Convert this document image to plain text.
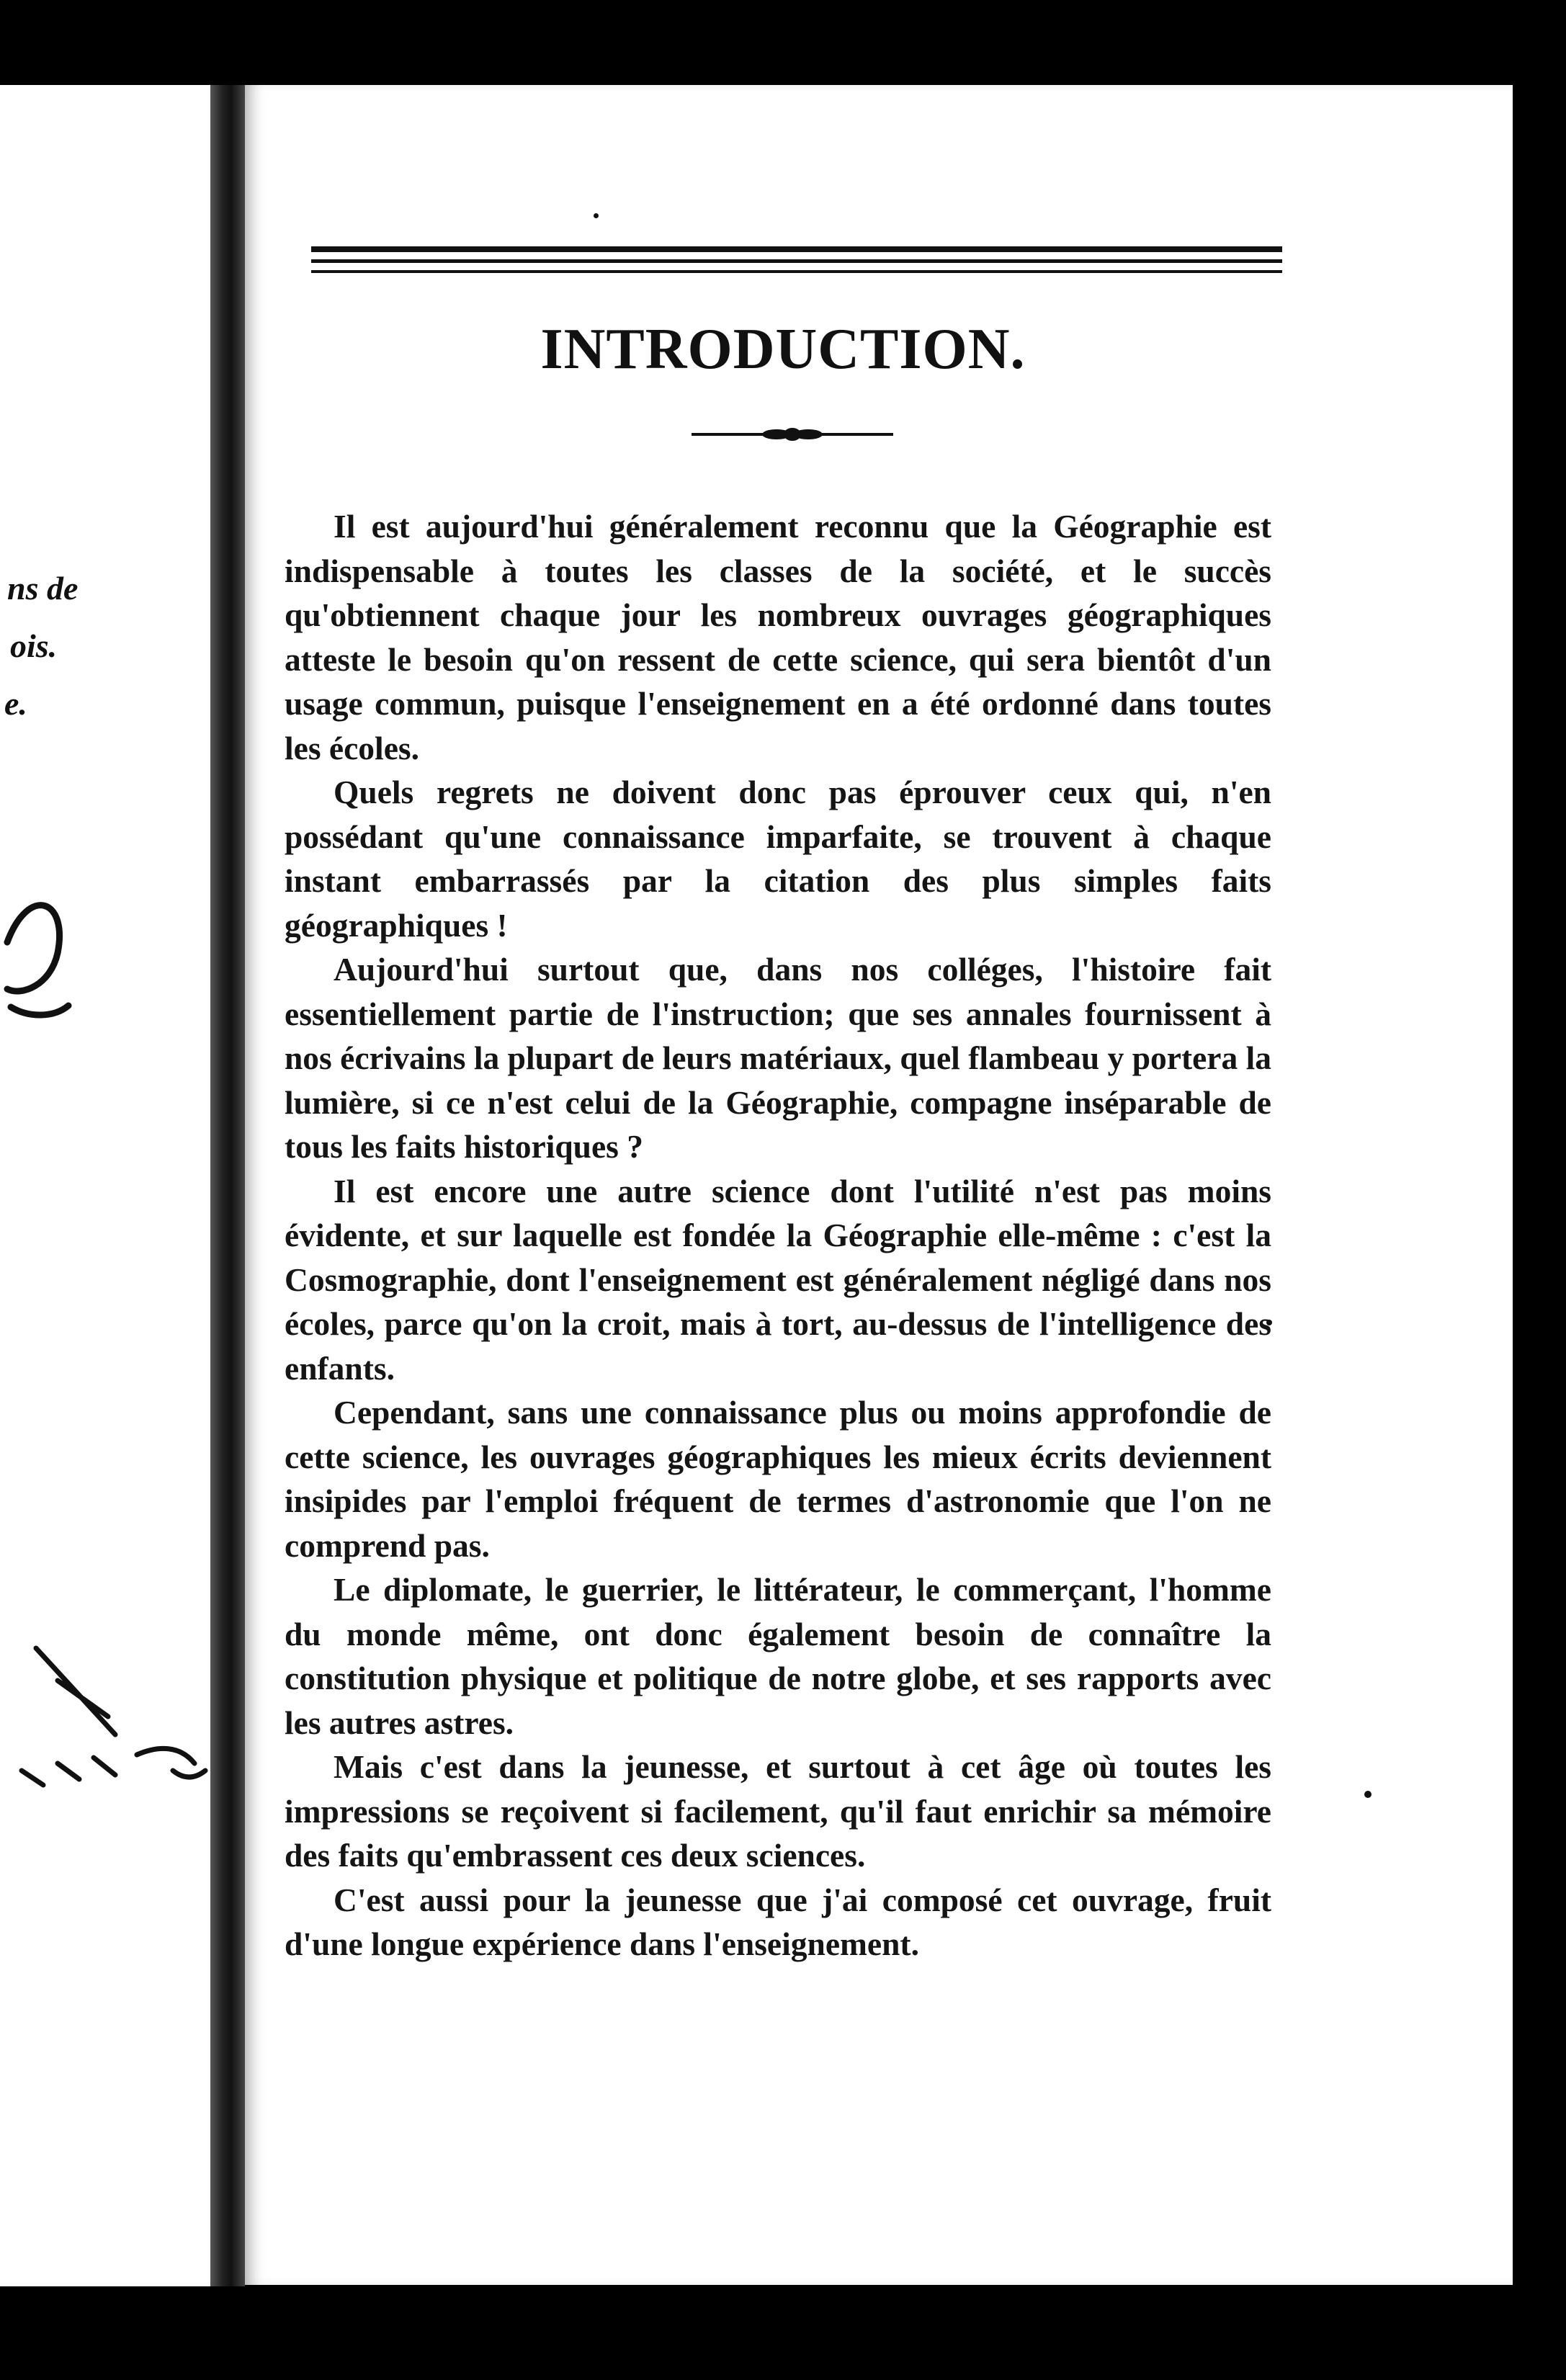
ns de
ois.
e.
INTRODUCTION.

Il est aujourd'hui généralement reconnu que la Géographie est indispensable à toutes les classes de la société, et le succès qu'obtiennent chaque jour les nombreux ouvrages géographiques atteste le besoin qu'on ressent de cette science, qui sera bientôt d'un usage commun, puisque l'enseignement en a été ordonné dans toutes les écoles.

Quels regrets ne doivent donc pas éprouver ceux qui, n'en possédant qu'une connaissance imparfaite, se trouvent à chaque instant embarrassés par la citation des plus simples faits géographiques !

Aujourd'hui surtout que, dans nos colléges, l'histoire fait essentiellement partie de l'instruction; que ses annales fournissent à nos écrivains la plupart de leurs matériaux, quel flambeau y portera la lumière, si ce n'est celui de la Géographie, compagne inséparable de tous les faits historiques ?

Il est encore une autre science dont l'utilité n'est pas moins évidente, et sur laquelle est fondée la Géographie elle-même : c'est la Cosmographie, dont l'enseignement est généralement négligé dans nos écoles, parce qu'on la croit, mais à tort, au-dessus de l'intelligence des enfants.

Cependant, sans une connaissance plus ou moins approfondie de cette science, les ouvrages géographiques les mieux écrits deviennent insipides par l'emploi fréquent de termes d'astronomie que l'on ne comprend pas.

Le diplomate, le guerrier, le littérateur, le commerçant, l'homme du monde même, ont donc également besoin de connaître la constitution physique et politique de notre globe, et ses rapports avec les autres astres.

Mais c'est dans la jeunesse, et surtout à cet âge où toutes les impressions se reçoivent si facilement, qu'il faut enrichir sa mémoire des faits qu'embrassent ces deux sciences.

C'est aussi pour la jeunesse que j'ai composé cet ouvrage, fruit d'une longue expérience dans l'enseignement.
